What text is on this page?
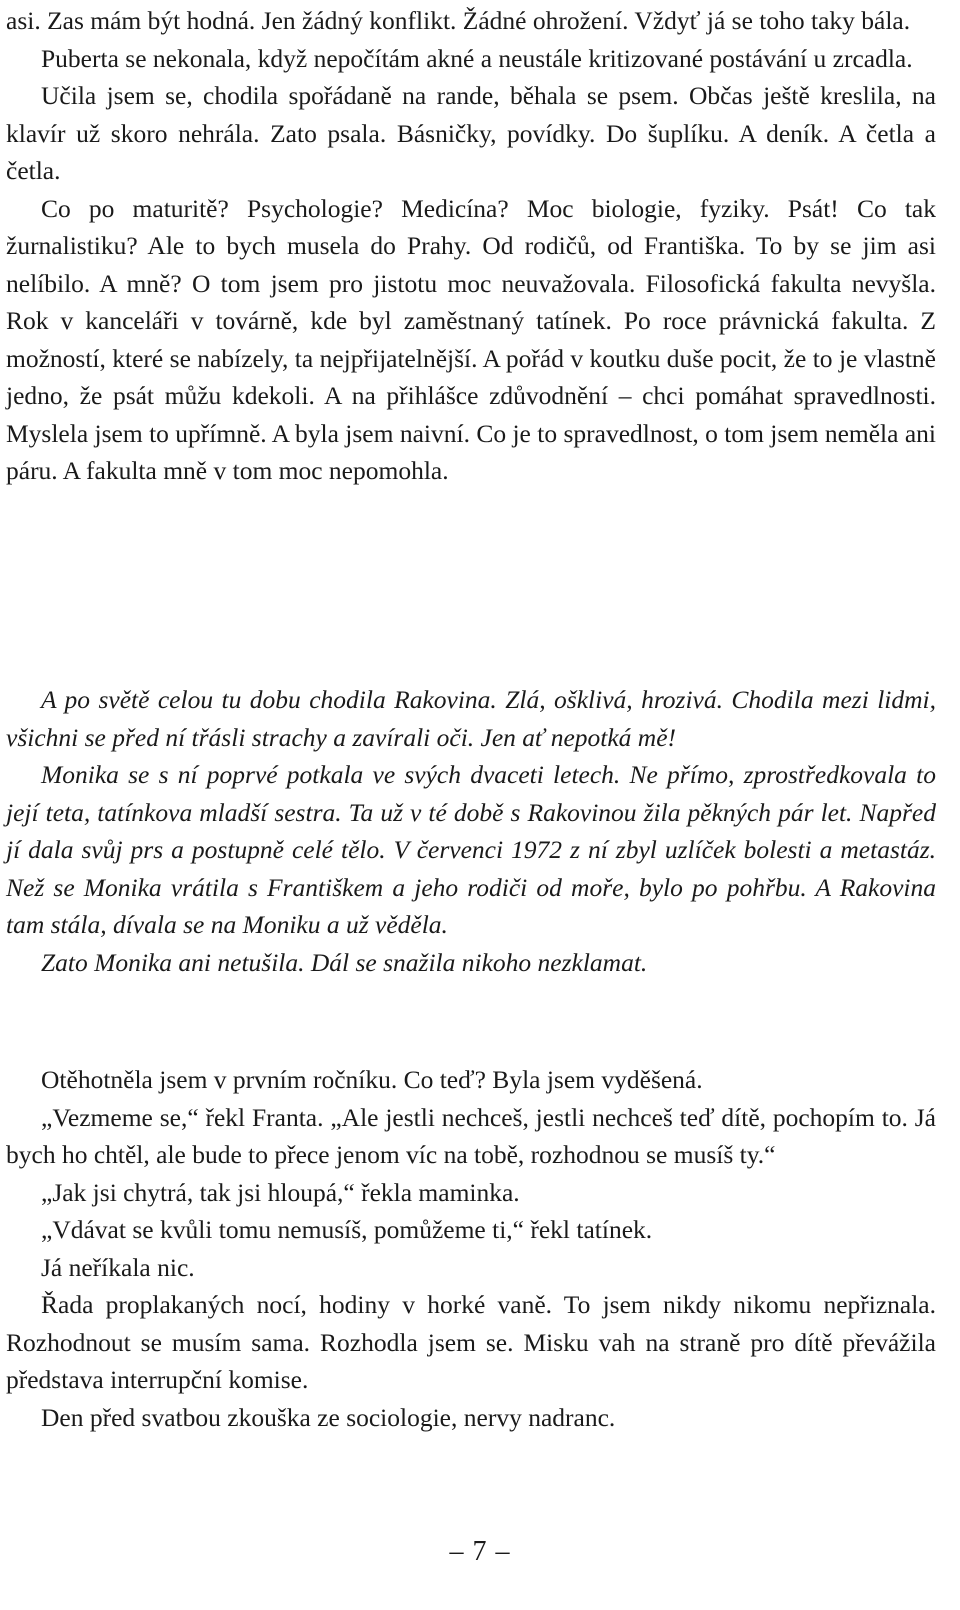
asi. Zas mám být hodná. Jen žádný konflikt. Žádné ohrožení. Vždyť já se toho taky bála.

Puberta se nekonala, když nepočítám akné a neustále kritizované postávání u zrcadla.

Učila jsem se, chodila spořádaně na rande, běhala se psem. Občas ještě kreslila, na klavír už skoro nehrála. Zato psala. Básničky, povídky. Do šuplíku. A deník. A četla a četla.

Co po maturitě? Psychologie? Medicína? Moc biologie, fyziky. Psát! Co tak žurnalistiku? Ale to bych musela do Prahy. Od rodičů, od Františka. To by se jim asi nelíbilo. A mně? O tom jsem pro jistotu moc neuvažovala. Filosofická fakulta nevyšla. Rok v kanceláři v továrně, kde byl zaměstnaný tatínek. Po roce právnická fakulta. Z možností, které se nabízely, ta nejpřijatelnější. A pořád v koutku duše pocit, že to je vlastně jedno, že psát můžu kdekoli. A na přihlášce zdůvodnění – chci pomáhat spravedlnosti. Myslela jsem to upřímně. A byla jsem naivní. Co je to spravedlnost, o tom jsem neměla ani páru. A fakulta mně v tom moc nepomohla.

A po světě celou tu dobu chodila Rakovina. Zlá, ošklivá, hrozivá. Chodila mezi lidmi, všichni se před ní třásli strachy a zavírali oči. Jen ať nepotká mě!

Monika se s ní poprvé potkala ve svých dvaceti letech. Ne přímo, zprostředkovala to její teta, tatínkova mladší sestra. Ta už v té době s Rakovinou žila pěkných pár let. Napřed jí dala svůj prs a postupně celé tělo. V červenci 1972 z ní zbyl uzlíček bolesti a metastáz. Než se Monika vrátila s Františkem a jeho rodiči od moře, bylo po pohřbu. A Rakovina tam stála, dívala se na Moniku a už věděla.

Zato Monika ani netušila. Dál se snažila nikoho nezklamat.

Otěhotněla jsem v prvním ročníku. Co teď? Byla jsem vyděšená.

„Vezmeme se,“ řekl Franta. „Ale jestli nechceš, jestli nechceš teď dítě, pochopím to. Já bych ho chtěl, ale bude to přece jenom víc na tobě, rozhodnou se musíš ty.“

„Jak jsi chytrá, tak jsi hloupá,“ řekla maminka.

„Vdávat se kvůli tomu nemusíš, pomůžeme ti,“ řekl tatínek.

Já neříkala nic.

Řada proplakaných nocí, hodiny v horké vaně. To jsem nikdy nikomu nepřiznala. Rozhodnout se musím sama. Rozhodla jsem se. Misku vah na straně pro dítě převážila představa interrupční komise.

Den před svatbou zkouška ze sociologie, nervy nadranc.

– 7 –
